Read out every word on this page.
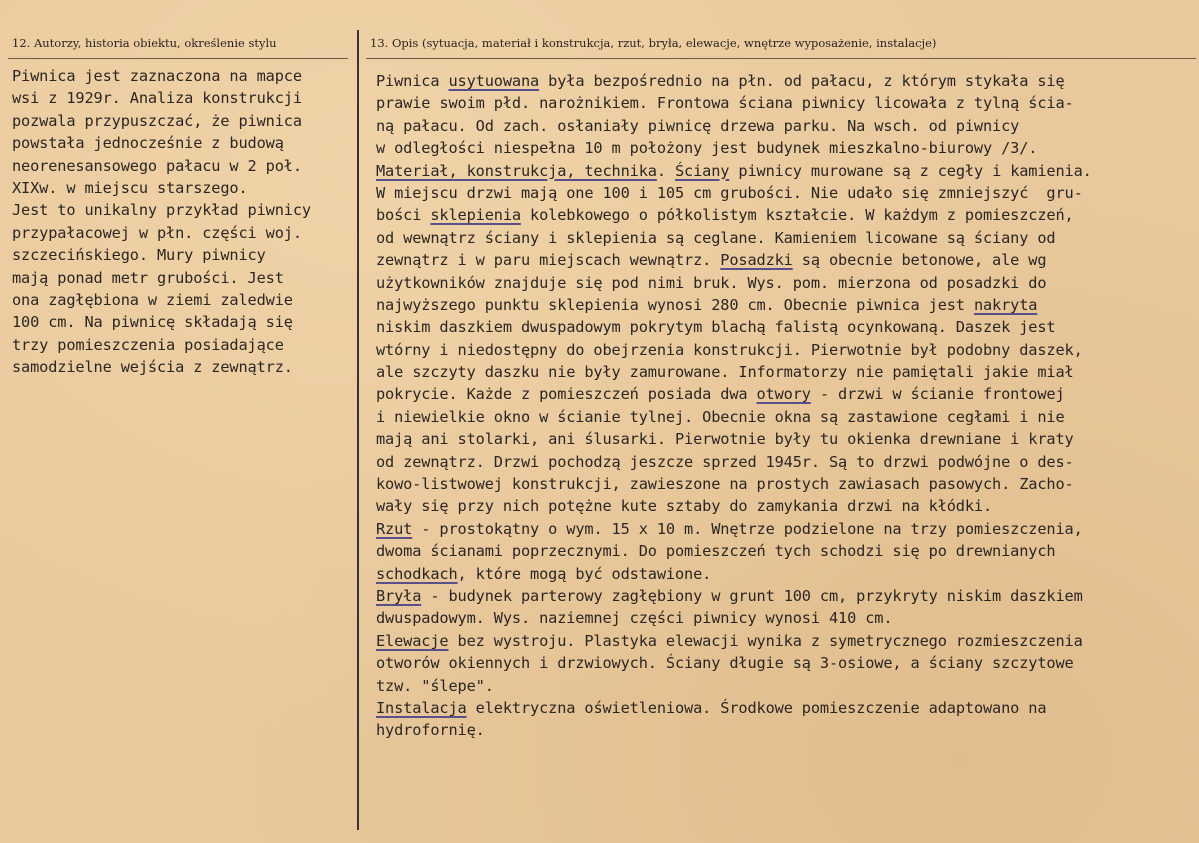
12. Autorzy, historia obiektu, określenie stylu	13. Opis (sytuacja, materiał i konstrukcja, rzut, bryła, elewacje, wnętrze wyposażenie, instalacje)
Piwnica jest zaznaczona na mapce
wsi z 1929r. Analiza konstrukcji
pozwala przypuszczać, że piwnica
powstała jednocześnie z budową
neorenesansowego pałacu w 2 poł.
XIXw. w miejscu starszego.
Jest to unikalny przykład piwnicy
przypałacowej w płn. części woj.
szczecińskiego. Mury piwnicy
mają ponad metr grubości. Jest
ona zagłębiona w ziemi zaledwie
100 cm. Na piwnicę składają się
trzy pomieszczenia posiadające
samodzielne wejścia z zewnątrz.
Piwnica usytuowana była bezpośrednio na płn. od pałacu, z którym stykała się
prawie swoim płd. narożnikiem. Frontowa ściana piwnicy licowała z tylną ścia-
ną pałacu. Od zach. osłaniały piwnicę drzewa parku. Na wsch. od piwnicy
w odległości niespełna 10 m położony jest budynek mieszkalno-biurowy /3/.
Materiał, konstrukcja, technika. Ściany piwnicy murowane są z cegły i kamienia.
W miejscu drzwi mają one 100 i 105 cm grubości. Nie udało się zmniejszyć  gru-
bości sklepienia kolebkowego o półkolistym kształcie. W każdym z pomieszczeń,
od wewnątrz ściany i sklepienia są ceglane. Kamieniem licowane są ściany od
zewnątrz i w paru miejscach wewnątrz. Posadzki są obecnie betonowe, ale wg
użytkowników znajduje się pod nimi bruk. Wys. pom. mierzona od posadzki do
najwyższego punktu sklepienia wynosi 280 cm. Obecnie piwnica jest nakryta
niskim daszkiem dwuspadowym pokrytym blachą falistą ocynkowaną. Daszek jest
wtórny i niedostępny do obejrzenia konstrukcji. Pierwotnie był podobny daszek,
ale szczyty daszku nie były zamurowane. Informatorzy nie pamiętali jakie miał
pokrycie. Każde z pomieszczeń posiada dwa otwory - drzwi w ścianie frontowej
i niewielkie okno w ścianie tylnej. Obecnie okna są zastawione cegłami i nie
mają ani stolarki, ani ślusarki. Pierwotnie były tu okienka drewniane i kraty
od zewnątrz. Drzwi pochodzą jeszcze sprzed 1945r. Są to drzwi podwójne o des-
kowo-listwowej konstrukcji, zawieszone na prostych zawiasach pasowych. Zacho-
wały się przy nich potężne kute sztaby do zamykania drzwi na kłódki.
Rzut - prostokątny o wym. 15 x 10 m. Wnętrze podzielone na trzy pomieszczenia,
dwoma ścianami poprzecznymi. Do pomieszczeń tych schodzi się po drewnianych
schodkach, które mogą być odstawione.
Bryła - budynek parterowy zagłębiony w grunt 100 cm, przykryty niskim daszkiem
dwuspadowym. Wys. naziemnej części piwnicy wynosi 410 cm.
Elewacje bez wystroju. Plastyka elewacji wynika z symetrycznego rozmieszczenia
otworów okiennych i drzwiowych. Ściany długie są 3-osiowe, a ściany szczytowe
tzw. "ślepe".
Instalacja elektryczna oświetleniowa. Środkowe pomieszczenie adaptowano na
hydrofornię.
